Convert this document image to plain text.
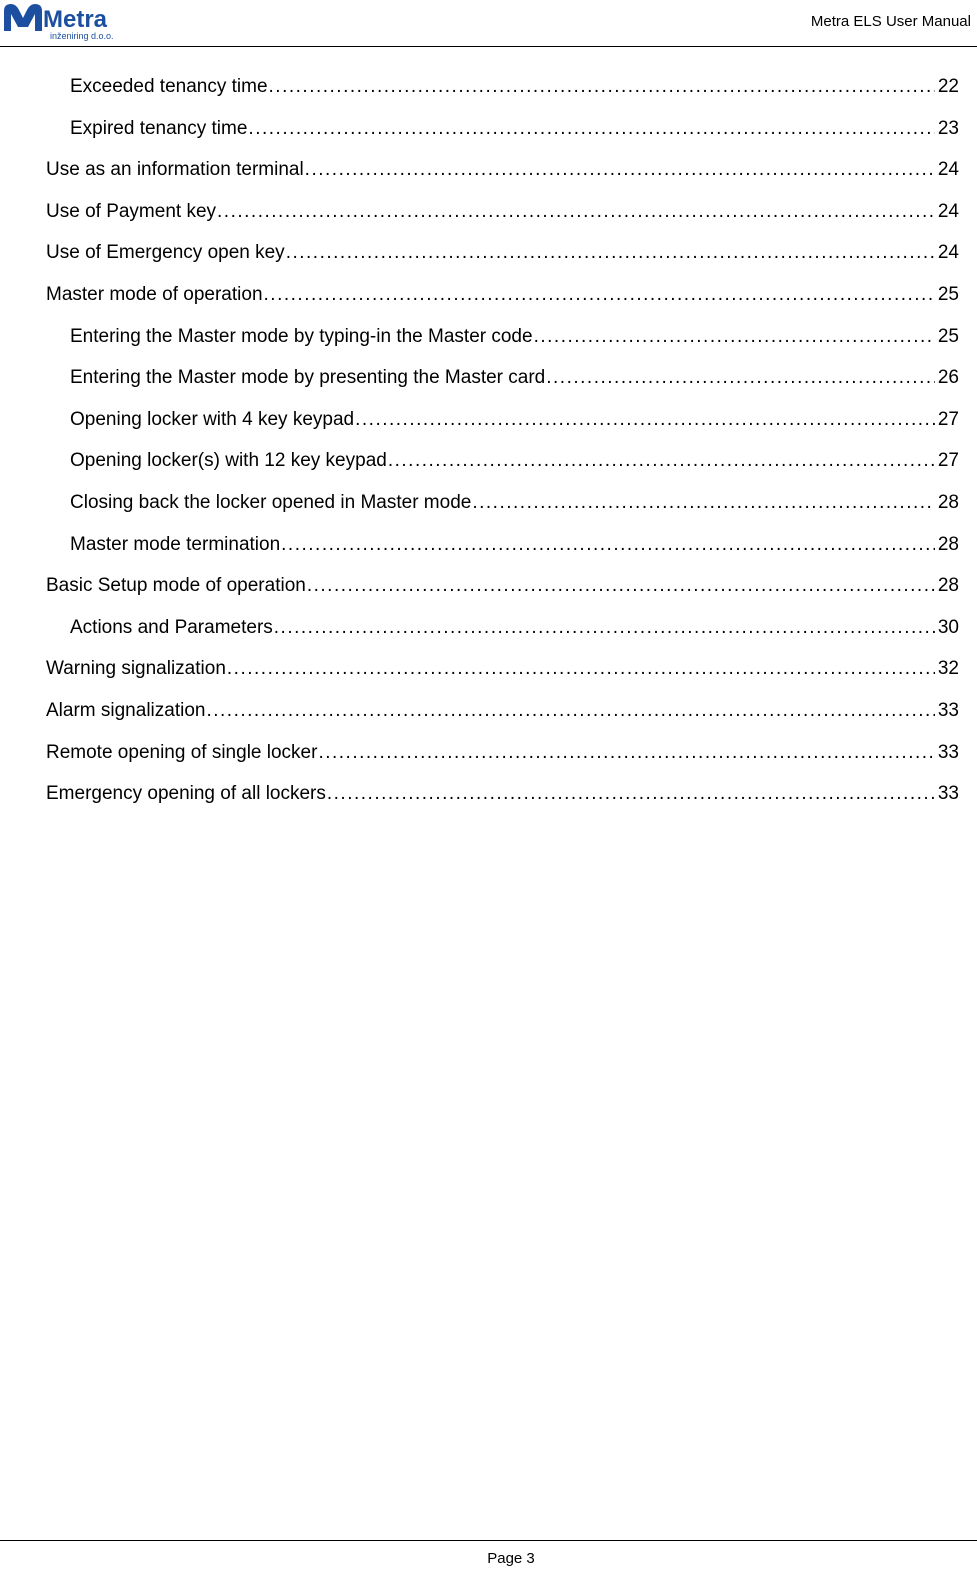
Metra
inženiring d.o.o.
Metra ELS User Manual
Exceeded tenancy time .....	22
Expired tenancy time .....	23
Use as an information terminal .....	24
Use of Payment key .....	24
Use of Emergency open key .....	24
Master mode of operation .....	25
Entering the Master mode by typing-in the Master code .....	25
Entering the Master mode by presenting the Master card .....	26
Opening locker with 4 key keypad .....	27
Opening locker(s) with 12 key keypad .....	27
Closing back the locker opened in Master mode .....	28
Master mode termination .....	28
Basic Setup mode of operation .....	28
Actions and Parameters .....	30
Warning signalization .....	32
Alarm signalization .....	33
Remote opening of single locker .....	33
Emergency opening of all lockers .....	33
Page 3
